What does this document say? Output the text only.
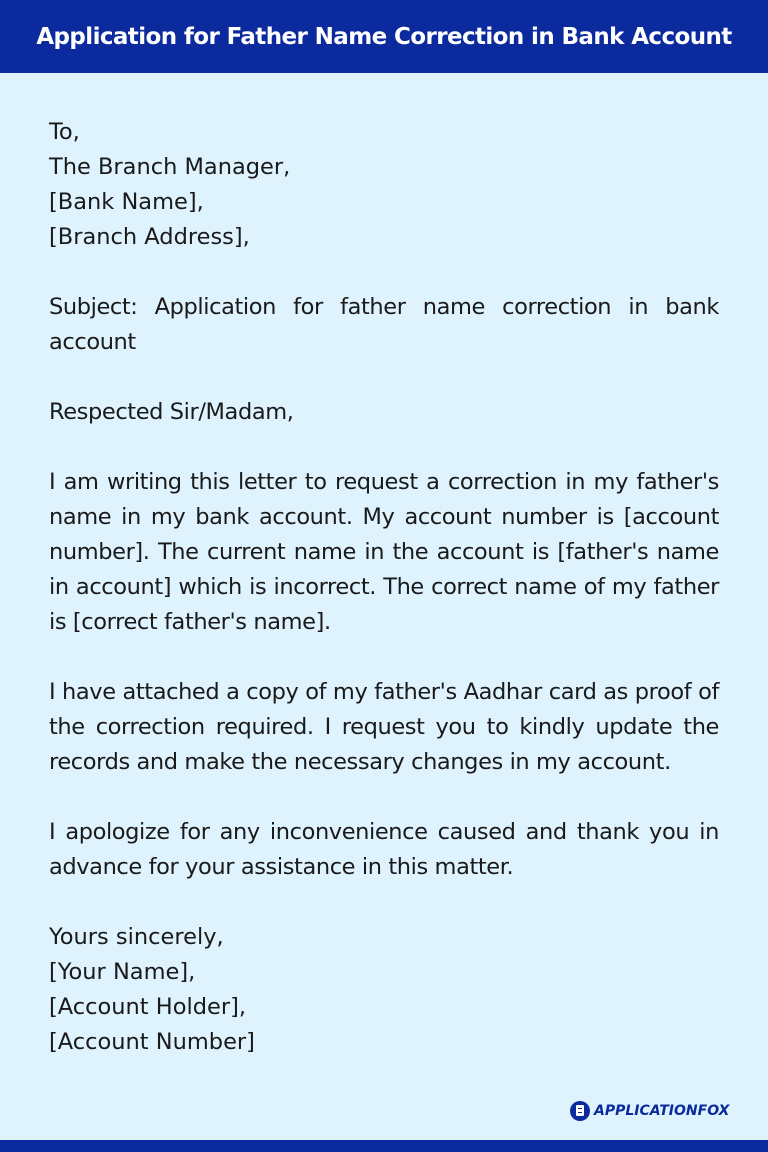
Application for Father Name Correction in Bank Account
To,
The Branch Manager,
[Bank Name],
[Branch Address],

Subject: Application for father name correction in bank account

Respected Sir/Madam,

I am writing this letter to request a correction in my father's name in my bank account. My account number is [account number]. The current name in the account is [father's name in account] which is incorrect. The correct name of my father is [correct father's name].

I have attached a copy of my father's Aadhar card as proof of the correction required. I request you to kindly update the records and make the necessary changes in my account.

I apologize for any inconvenience caused and thank you in advance for your assistance in this matter.

Yours sincerely,
[Your Name],
[Account Holder],
[Account Number]
APPLICATIONFOX
